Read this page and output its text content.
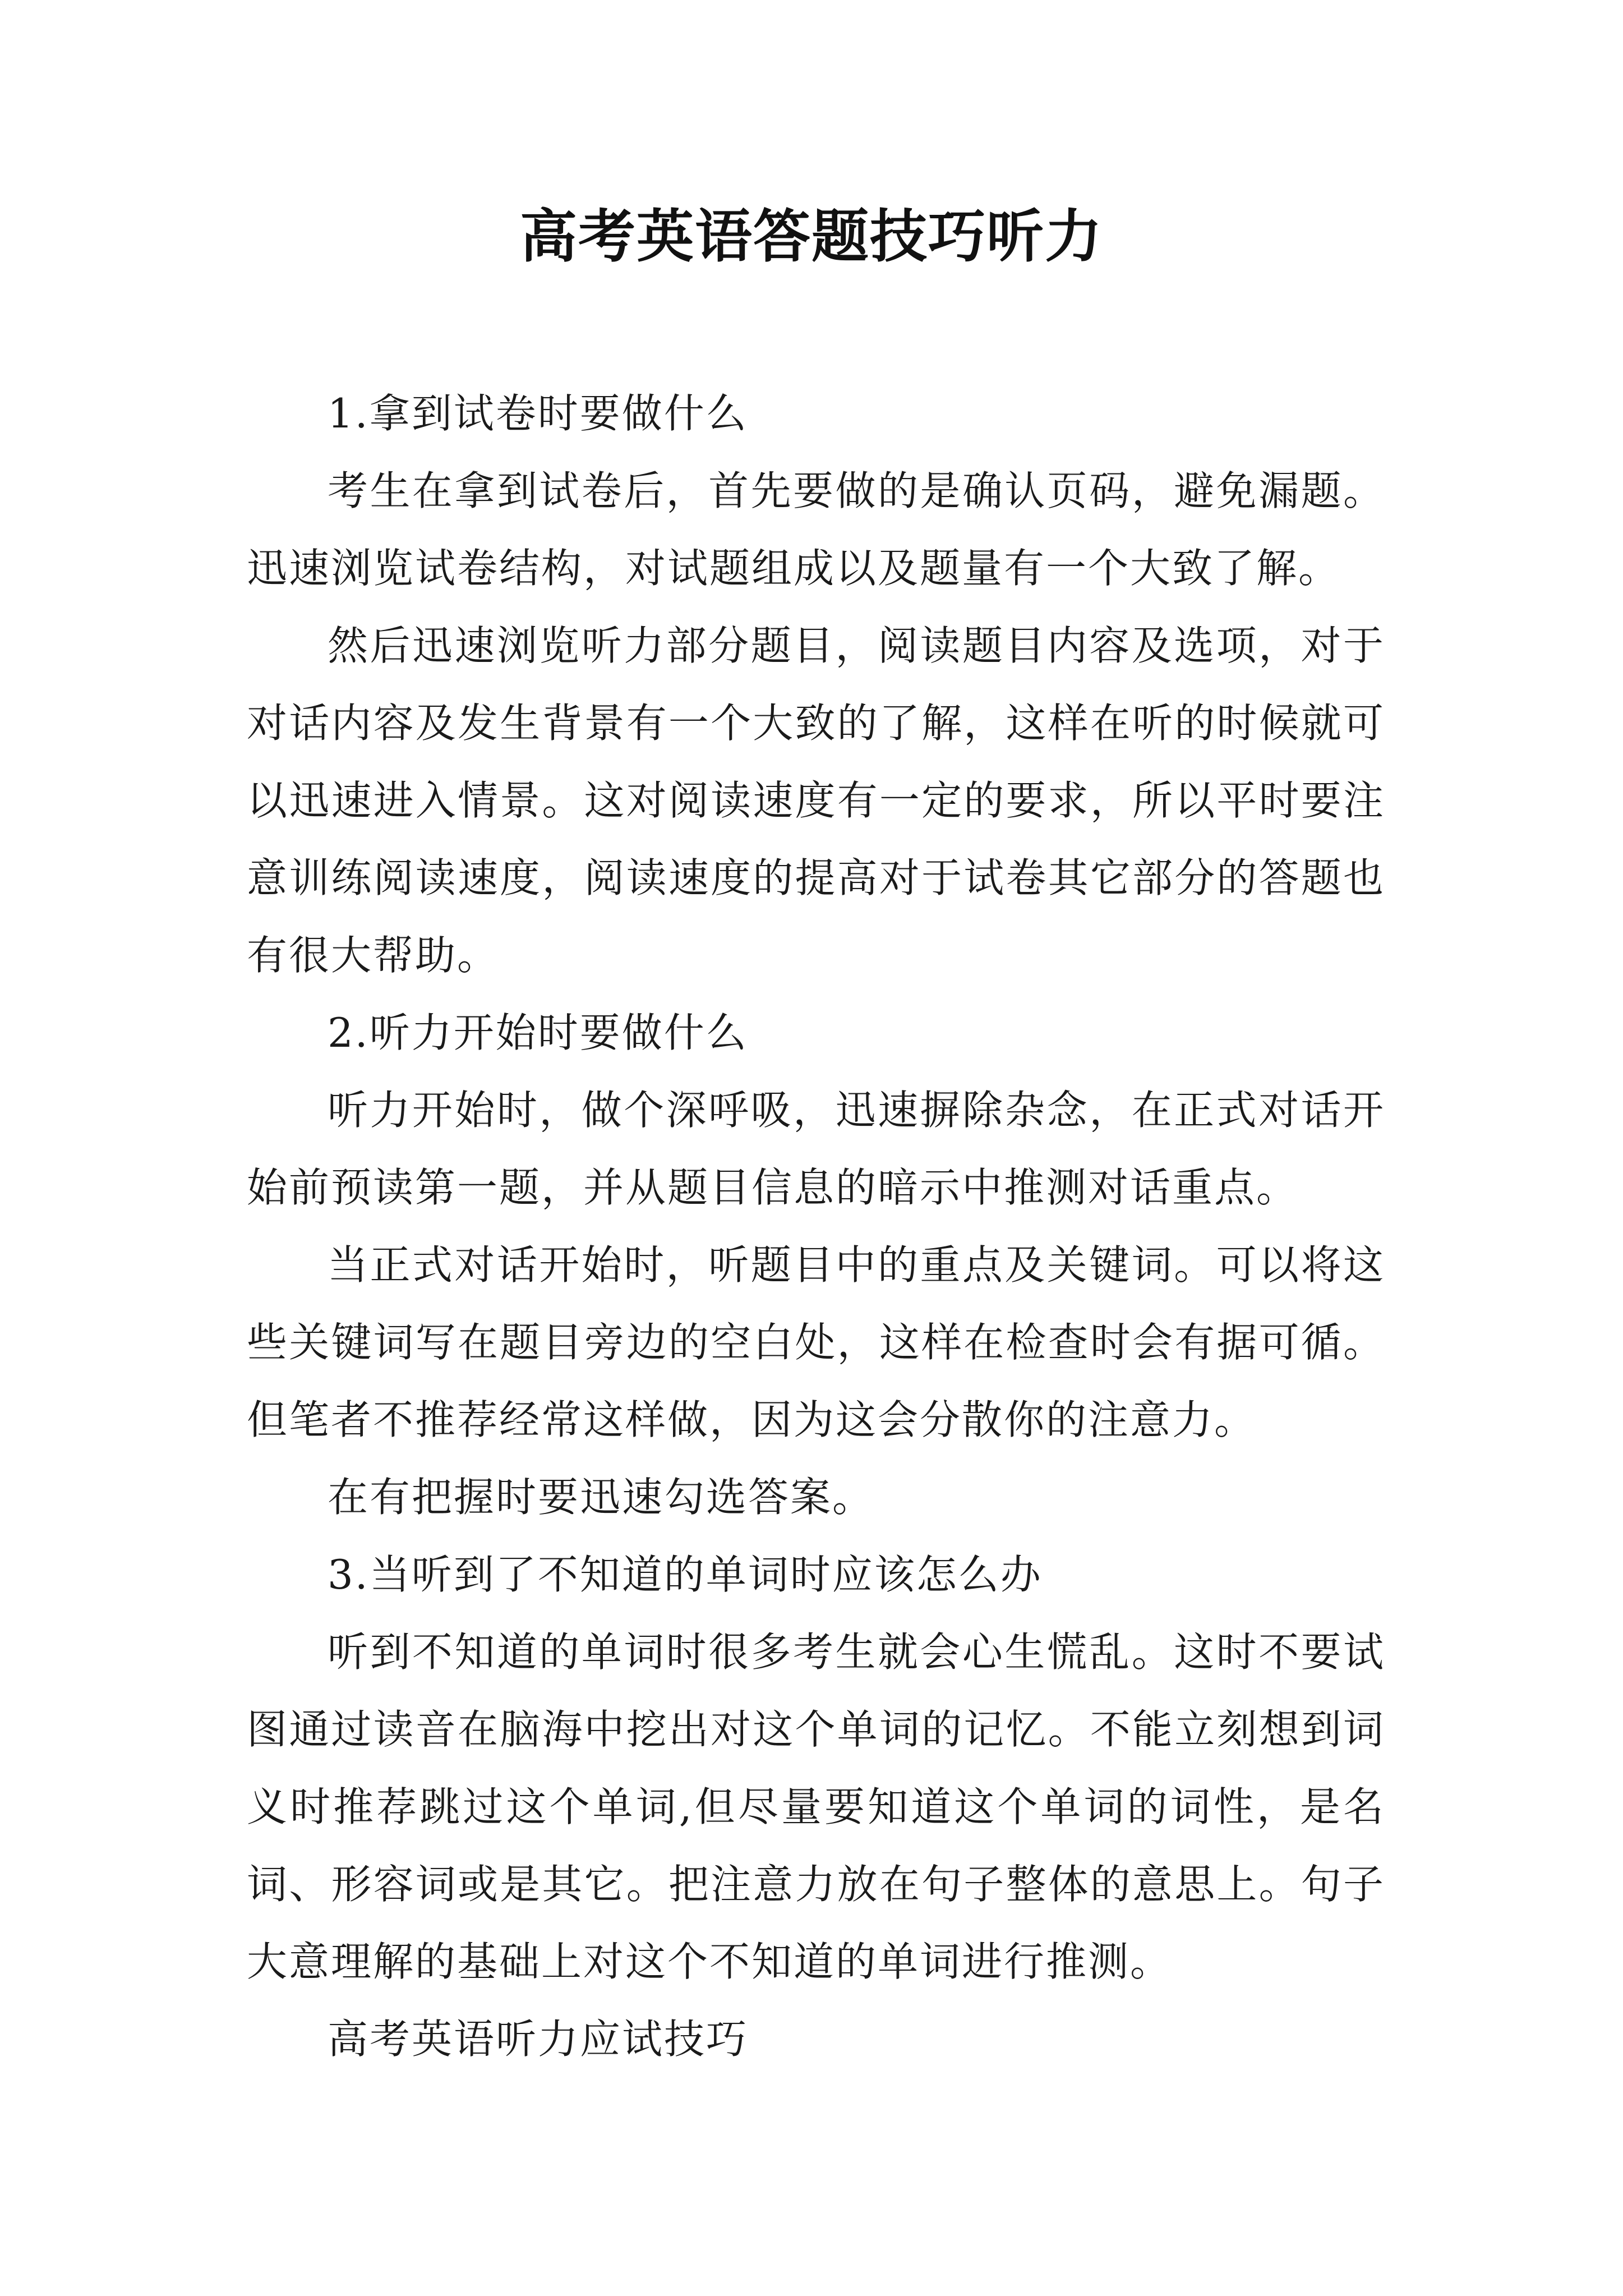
高考英语答题技巧听力

1.拿到试卷时要做什么

考生在拿到试卷后，首先要做的是确认页码，避免漏题。迅速浏览试卷结构，对试题组成以及题量有一个大致了解。

然后迅速浏览听力部分题目，阅读题目内容及选项，对于对话内容及发生背景有一个大致的了解，这样在听的时候就可以迅速进入情景。这对阅读速度有一定的要求，所以平时要注意训练阅读速度，阅读速度的提高对于试卷其它部分的答题也有很大帮助。

2.听力开始时要做什么

听力开始时，做个深呼吸，迅速摒除杂念，在正式对话开始前预读第一题，并从题目信息的暗示中推测对话重点。

当正式对话开始时，听题目中的重点及关键词。可以将这些关键词写在题目旁边的空白处，这样在检查时会有据可循。但笔者不推荐经常这样做，因为这会分散你的注意力。

在有把握时要迅速勾选答案。

3.当听到了不知道的单词时应该怎么办

听到不知道的单词时很多考生就会心生慌乱。这时不要试图通过读音在脑海中挖出对这个单词的记忆。不能立刻想到词义时推荐跳过这个单词,但尽量要知道这个单词的词性，是名词、形容词或是其它。把注意力放在句子整体的意思上。句子大意理解的基础上对这个不知道的单词进行推测。

高考英语听力应试技巧
